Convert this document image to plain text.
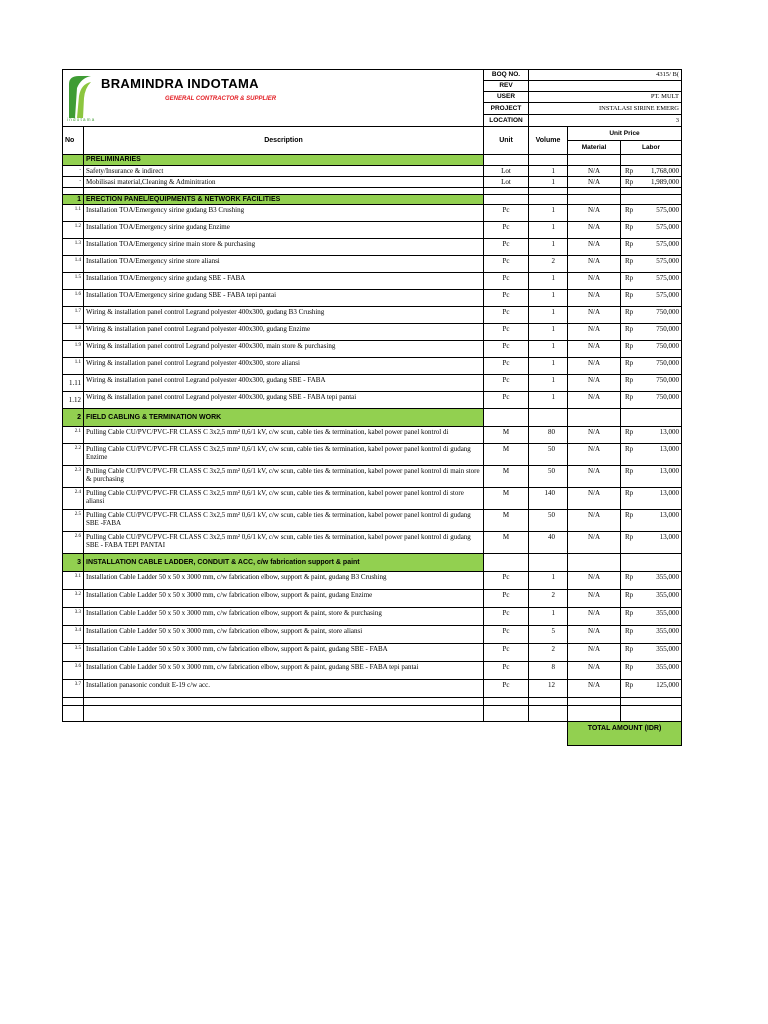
BRAMINDRA INDOTAMA
GENERAL CONTRACTOR & SUPPLIER
i n d o t a m a		BOQ NO.	4315/ B(		
		REV			
		USER	PT. MULT		
		PROJECT	INSTALASI SIRINE EMERG		
		LOCATION	3		
No	Description	Unit	Volume	Unit Price	
				Material	Labor
	PRELIMINARIES				
-	Safety/Insurance & indirect	Lot	1	N/A	Rp 1,768,000

-	Mobilisasi material,Cleaning & Adminitration	Lot	1	N/A	Rp 1,989,000

1	ERECTION PANEL/EQUIPMENTS & NETWORK FACILITIES				
1.1	Installation TOA/Emergency sirine gudang B3 Crushing	Pc	1	N/A	Rp 575,000

1.2	Installation TOA/Emergency sirine gudang Enzime	Pc	1	N/A	Rp 575,000

1.3	Installation TOA/Emergency sirine main store & purchasing	Pc	1	N/A	Rp 575,000

1.4	Installation TOA/Emergency sirine store aliansi	Pc	2	N/A	Rp 575,000

1.5	Installation TOA/Emergency sirine gudang SBE - FABA	Pc	1	N/A	Rp 575,000

1.6	Installation TOA/Emergency sirine gudang SBE - FABA tepi pantai	Pc	1	N/A	Rp 575,000

1.7	Wiring & installation panel control Legrand polyester 400x300, gudang B3 Crushing	Pc	1	N/A	Rp 750,000

1.8	Wiring & installation panel control Legrand polyester 400x300, gudang Enzime	Pc	1	N/A	Rp 750,000

1.9	Wiring & installation panel control Legrand polyester 400x300, main store & purchasing	Pc	1	N/A	Rp 750,000

1.1	Wiring & installation panel control Legrand polyester 400x300, store aliansi	Pc	1	N/A	Rp 750,000

1.11	Wiring & installation panel control Legrand polyester 400x300, gudang SBE - FABA	Pc	1	N/A	Rp 750,000

1.12	Wiring & installation panel control Legrand polyester 400x300, gudang SBE - FABA tepi pantai	Pc	1	N/A	Rp 750,000

2	FIELD CABLING & TERMINATION WORK				
2.1	Pulling Cable CU/PVC/PVC-FR CLASS C 3x2,5 mm² 0,6/1 kV, c/w scun, cable ties & termination, kabel power panel kontrol di	M	80	N/A	Rp 13,000

2.2	Pulling Cable CU/PVC/PVC-FR CLASS C 3x2,5 mm² 0,6/1 kV, c/w scun, cable ties & termination, kabel power panel kontrol di gudang Enzime	M	50	N/A	Rp 13,000

2.3	Pulling Cable CU/PVC/PVC-FR CLASS C 3x2,5 mm² 0,6/1 kV, c/w scun, cable ties & termination, kabel power panel kontrol di main store & purchasing	M	50	N/A	Rp 13,000

2.4	Pulling Cable CU/PVC/PVC-FR CLASS C 3x2,5 mm² 0,6/1 kV, c/w scun, cable ties & termination, kabel power panel kontrol di store aliansi	M	140	N/A	Rp 13,000

2.5	Pulling Cable CU/PVC/PVC-FR CLASS C 3x2,5 mm² 0,6/1 kV, c/w scun, cable ties & termination, kabel power panel kontrol di gudang SBE -FABA	M	50	N/A	Rp 13,000

2.6	Pulling Cable CU/PVC/PVC-FR CLASS C 3x2,5 mm² 0,6/1 kV, c/w scun, cable ties & termination, kabel power panel kontrol di gudang SBE - FABA TEPI PANTAI	M	40	N/A	Rp 13,000

3	INSTALLATION CABLE LADDER, CONDUIT & ACC, c/w fabrication support & paint				
3.1	Installation Cable Ladder 50 x 50 x 3000 mm, c/w fabrication elbow, support & paint, gudang B3 Crushing	Pc	1	N/A	Rp 355,000

3.2	Installation Cable Ladder 50 x 50 x 3000 mm, c/w fabrication elbow, support & paint, gudang Enzime	Pc	2	N/A	Rp 355,000

3.3	Installation Cable Ladder 50 x 50 x 3000 mm, c/w fabrication elbow, support & paint, store & purchasing	Pc	1	N/A	Rp 355,000

3.4	Installation Cable Ladder 50 x 50 x 3000 mm, c/w fabrication elbow, support & paint, store aliansi	Pc	5	N/A	Rp 355,000

3.5	Installation Cable Ladder 50 x 50 x 3000 mm, c/w fabrication elbow, support & paint, gudang SBE - FABA	Pc	2	N/A	Rp 355,000

3.6	Installation Cable Ladder 50 x 50 x 3000 mm, c/w fabrication elbow, support & paint, gudang SBE - FABA tepi pantai	Pc	8	N/A	Rp 355,000

3.7	Installation panasonic conduit E-19 c/w acc.	Pc	12	N/A	Rp 125,000

				TOTAL AMOUNT (IDR)	
